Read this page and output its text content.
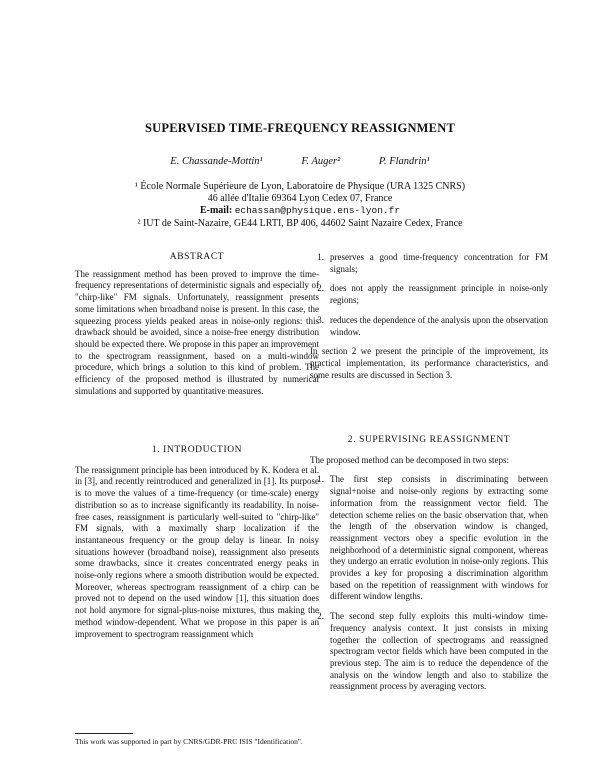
SUPERVISED TIME-FREQUENCY REASSIGNMENT
E. Chassande-Mottin¹	F. Auger²	P. Flandrin¹
¹ École Normale Supérieure de Lyon, Laboratoire de Physique (URA 1325 CNRS)
46 allée d'Italie 69364 Lyon Cedex 07, France
E-mail: echassan@physique.ens-lyon.fr
² IUT de Saint-Nazaire, GE44 LRTI, BP 406, 44602 Saint Nazaire Cedex, France

ABSTRACT

The reassignment method has been proved to improve the time-frequency representations of deterministic signals and especially of "chirp-like" FM signals. Unfortunately, reassignment presents some limitations when broadband noise is present. In this case, the squeezing process yields peaked areas in noise-only regions: this drawback should be avoided, since a noise-free energy distribution should be expected there. We propose in this paper an improvement to the spectrogram reassignment, based on a multi-window procedure, which brings a solution to this kind of problem. The efficiency of the proposed method is illustrated by numerical simulations and supported by quantitative measures.

1. INTRODUCTION

The reassignment principle has been introduced by K. Kodera et al. in [3], and recently reintroduced and generalized in [1]. Its purpose is to move the values of a time-frequency (or time-scale) energy distribution so as to increase significantly its readability. In noise-free cases, reassignment is particularly well-suited to "chirp-like" FM signals, with a maximally sharp localization if the instantaneous frequency or the group delay is linear. In noisy situations however (broadband noise), reassignment also presents some drawbacks, since it creates concentrated energy peaks in noise-only regions where a smooth distribution would be expected. Moreover, whereas spectrogram reassignment of a chirp can be proved not to depend on the used window [1], this situation does not hold anymore for signal-plus-noise mixtures, thus making the method window-dependent. What we propose in this paper is an improvement to spectrogram reassignment which

This work was supported in part by CNRS/GDR-PRC ISIS "Identification".
1. preserves a good time-frequency concentration for FM signals;
2. does not apply the reassignment principle in noise-only regions;
3. reduces the dependence of the analysis upon the observation window.

In section 2 we present the principle of the improvement, its practical implementation, its performance characteristics, and some results are discussed in Section 3.

2. SUPERVISING REASSIGNMENT

The proposed method can be decomposed in two steps:

1. The first step consists in discriminating between signal+noise and noise-only regions by extracting some information from the reassignment vector field. The detection scheme relies on the basic observation that, when the length of the observation window is changed, reassignment vectors obey a specific evolution in the neighborhood of a deterministic signal component, whereas they undergo an erratic evolution in noise-only regions. This provides a key for proposing a discrimination algorithm based on the repetition of reassignment with windows for different window lengths.
2. The second step fully exploits this multi-window time-frequency analysis context. It just consists in mixing together the collection of spectrograms and reassigned spectrogram vector fields which have been computed in the previous step. The aim is to reduce the dependence of the analysis on the window length and also to stabilize the reassignment process by averaging vectors.
